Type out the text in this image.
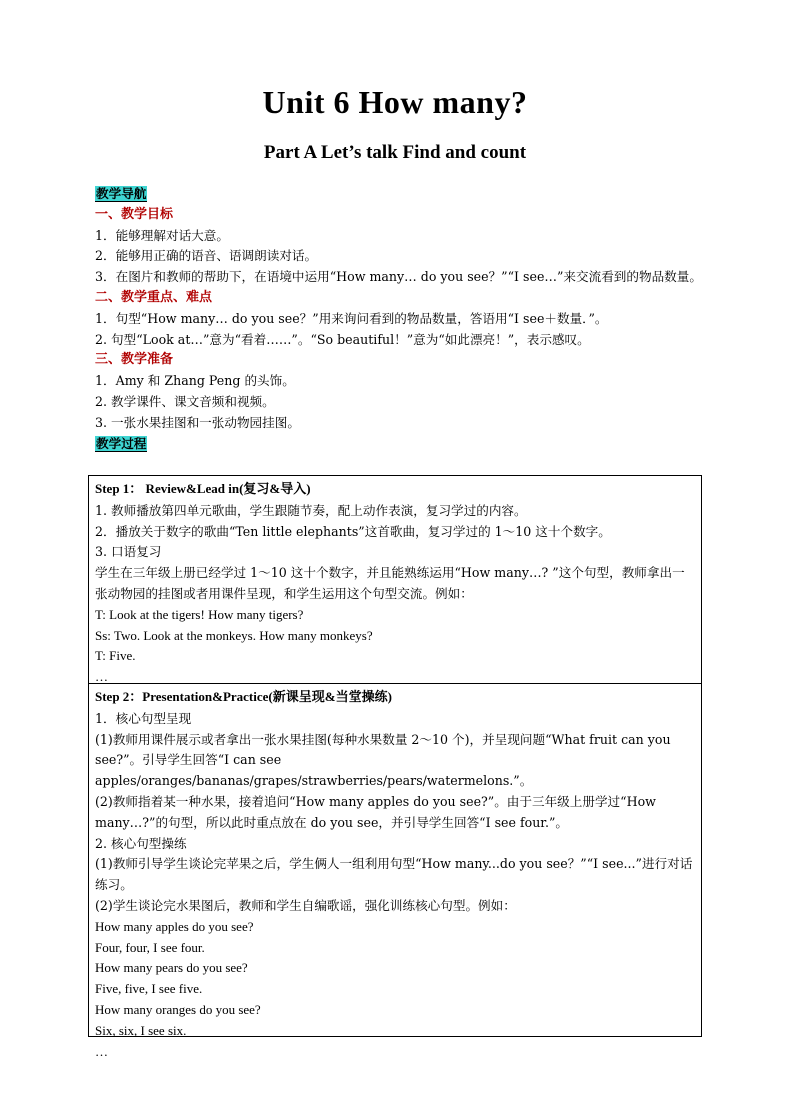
Unit 6 How many?
Part A Let’s talk Find and count
教学导航
一、教学目标
1．能够理解对话大意。
2．能够用正确的语音、语调朗读对话。
3．在图片和教师的帮助下，在语境中运用“How many… do you see？”“I see…”来交流看到的物品数量。
二、教学重点、难点
1．句型“How many… do you see？”用来询问看到的物品数量，答语用“I see＋数量．”。
2. 句型“Look at…”意为“看着……”。“So beautiful！”意为“如此漂亮！”，表示感叹。
三、教学准备
1．Amy 和 Zhang Peng 的头饰。
2. 教学课件、课文音频和视频。
3. 一张水果挂图和一张动物园挂图。
教学过程
Step 1： Review&Lead in(复习&导入)
1. 教师播放第四单元歌曲，学生跟随节奏，配上动作表演，复习学过的内容。
2．播放关于数字的歌曲“Ten little elephants”这首歌曲，复习学过的 1～10 这十个数字。
3. 口语复习
学生在三年级上册已经学过 1～10 这十个数字，并且能熟练运用“How many…? ”这个句型，教师拿出一张动物园的挂图或者用课件呈现，和学生运用这个句型交流。例如：
T: Look at the tigers! How many tigers?
Ss: Two. Look at the monkeys. How many monkeys?
T: Five.
…
Step 2：Presentation&Practice(新课呈现&当堂操练)
1．核心句型呈现
(1)教师用课件展示或者拿出一张水果挂图(每种水果数量 2～10 个)，并呈现问题“What fruit can you see?”。引导学生回答“I can see apples/oranges/bananas/grapes/strawberries/pears/watermelons.”。
(2)教师指着某一种水果，接着追问“How many apples do you see?”。由于三年级上册学过“How many…?”的句型，所以此时重点放在 do you see，并引导学生回答“I see four.”。
2. 核心句型操练
(1)教师引导学生谈论完苹果之后，学生俩人一组利用句型“How many...do you see？”“I see...”进行对话练习。
(2)学生谈论完水果图后，教师和学生自编歌谣，强化训练核心句型。例如：
How many apples do you see?
Four, four, I see four.
How many pears do you see?
Five, five, I see five.
How many oranges do you see?
Six, six, I see six.
…
